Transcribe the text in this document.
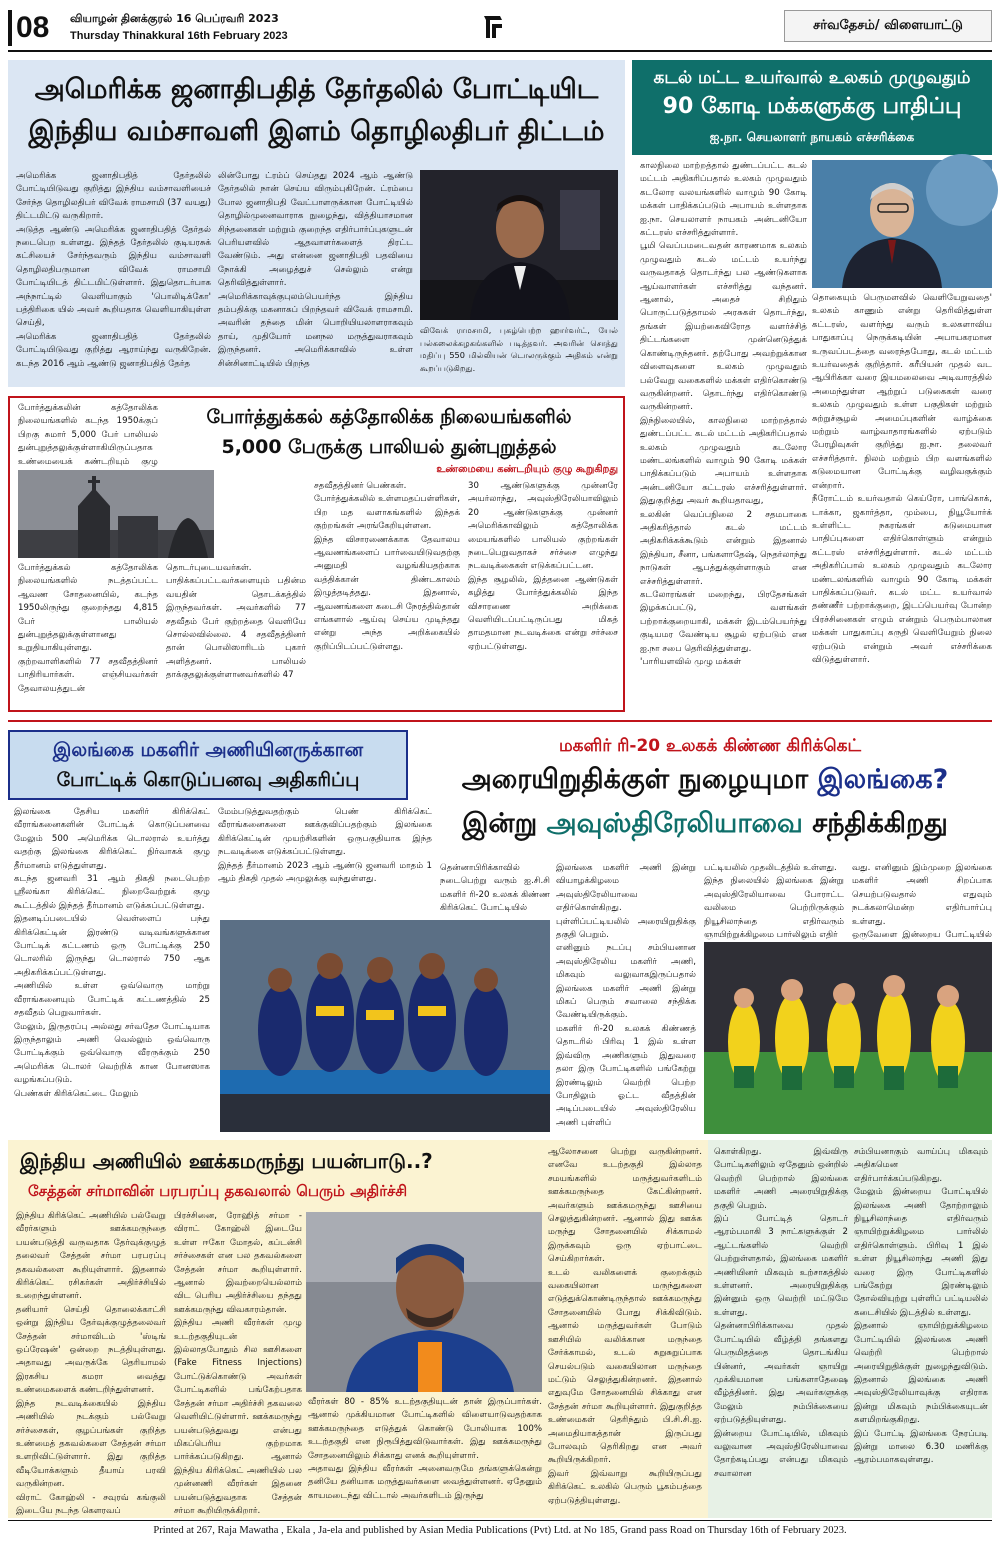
08 வியாழன் தினக்குரல் 16 பெப்ரவரி 2023
Thursday Thinakkural 16th February 2023
சர்வதேசம்/ விளையாட்டு
அமெரிக்க ஜனாதிபதித் தேர்தலில் போட்டியிட
இந்திய வம்சாவளி இளம் தொழிலதிபர் திட்டம்
அமெரிக்க ஜனாதிபதித் தேர்தலில் போட்டியிடுவது குறித்து இந்திய வம்சாவளியைச் சேர்ந்த தொழிலதிபர் விவேக் ராமசாமி (37 வயது) திட்டமிட்டு வருகிறார்.
அடுத்த ஆண்டு அமெரிக்க ஜனாதிபதித் தேர்தல் நடைபெற உள்ளது. இந்தத் தேர்தலில் குடியரசுக் கட்சியைச் சேர்ந்தவரும் இந்திய வம்சாவளி தொழிலதிபருமான விவேக் ராமசாமி போட்டியிடத் திட்டமிட்டுள்ளார். இதுதொடர்பாக அந்நாட்டில் வெளியாகும் 'பொலிடிக்கோ' பத்திரிகை யில் அவர் கூறியதாக வெளியாகியுள்ள செய்தி,
அமெரிக்க ஜனாதிபதித் தேர்தலில் போட்டியிடுவது குறித்து ஆராய்ந்து வருகிறேன். கடந்த 2016 ஆம் ஆண்டு ஜனாதிபதித் தேர்த
லின்போது ட்ரம்ப் செய்தது 2024 ஆம் ஆண்டு தேர்தலில் நான் செய்ய விரும்புகிறேன். ட்ரம்பை போல ஜனாதிபதி வேட்பாளருக்கான போட்டியில் தொழில்முனைவாராக நுழைந்து, வித்தியாசமான சிந்தனைகள் மற்றும் குறைந்த எதிர்பார்ப்புகளுடன் பெரியளவில் ஆதவாளர்களைத் திரட்ட வேண்டும். அது என்னை ஜனாதிபதி பதவியை நோக்கி அழைத்துச் செல்லும் என்று தெரிவித்துள்ளார்.
அமெரிக்காவுக்குபுலம்பெயர்ந்த இந்திய தம்பதிக்கு மகனாகப் பிறந்தவர் விவேக் ராமசாமி. அவரின் தந்தை மின் பொறியியலாளராகவும் தாய், முதியோர் மனநல மருத்துவராகவும் இருந்தனர். அமெரிக்காவில் உள்ள சின்சினாட்டியில் பிறந்த
விவேக் ராமசாமி, புகழ்பெற்ற ஹார்வர்ட், யேல் பல்கலைக்கழகங்களில் படித்தவர். அவரின் சொத்து மதிப்பு 550 மில்லியன் டொலருக்கும் அதிகம் என்று கூறப்படுகிறது.
கடல் மட்ட உயர்வால் உலகம் முழுவதும்
90 கோடி மக்களுக்கு பாதிப்பு
ஐ.நா. செயலாளர் நாயகம் எச்சரிக்கை
காலநிலை மாற்றத்தால் துண்டப்பட்ட கடல் மட்டம் அதிகரிப்பதால் உலகம் முழுவதும் கடலோர வலயங்களில் வாழும் 90 கோடி மக்கள் பாதிக்கப்படும் அபாயம் உள்ளதாக ஐ.நா. செயலாளர் நாயகம் அன்டனியோ கட்டரஸ் எச்சரித்துள்ளார்.
பூமி வெப்பமடைவதன் காரணமாக உலகம் முழுவதும் கடல் மட்டம் உயர்ந்து வருவதாகத் தொடர்ந்து பல ஆண்டுகளாக ஆய்வாளர்கள் எச்சரித்து வந்தனர். ஆனால், அதைச் சிறிதும் பொருட்படுத்தாமல் அரசுகள் தொடர்ந்து, தங்கள் இயற்கைவிரோத வளர்ச்சித் திட்டங்களை முன்னெடுத்துக் கொண்டிருந்தனர். தற்போது அவற்றுக்கான விளைவுகளை உலகம் முழுவதும் பல்வேறு வகைகளில் மக்கள் எதிர்கொண்டு வருகின்றனர். தொடர்ந்து எதிர்கொண்டு வருகின்றனர்.
இந்நிலையில், காலநிலை மாற்றத்தால் துண்டப்பட்ட கடல் மட்டம் அதிகரிப்பதால் உலகம் முழுவதும் கடலோர மண்டலங்களில் வாழும் 90 கோடி மக்கள் பாதிக்கப்படும் அபாயம் உள்ளதாக அன்டனியோ கட்டரஸ் எச்சரித்துள்ளார். இதுகுறித்து அவர் கூறியதாவது,
உலகின் வெப்பநிலை 2 சதமபாகை அதிகரித்தால் கடல் மட்டம் அதிகரிக்கக்கூடும் என்றும் இதனால் இந்தியா, சீனா, பங்களாதேஷ், நெதர்லாந்து நாடுகள் ஆபத்துக்குள்ளாகும் என எச்சரித்துள்ளார்.
கடலோரங்கள் மறைந்து, பிரதேசங்கள் இழக்கப்பட்டு, வளங்கள் பற்றாக்குறையாகி, மக்கள் இடம்பெயர்ந்து குடியமர வேண்டிய சூழல் ஏற்படும் என ஐ.நா சபை தெரிவித்துள்ளது.
'பாரியளவில் முழு மக்கள்
தொகையும் பெருமளவில் வெளியேறுவதை' உலகம் காணும் என்று தெரிவித்துள்ள கட்டரஸ், வளர்ந்து வரும் உலகளாவிய பாதுகாப்பு நெருக்கடியின் அபாயகரமான உருவப்படத்தை வரைந்தபோது, கடல் மட்டம் உயர்வதைக் குறித்தார். கரீபியன் முதல் வட ஆபிரிக்கா வரை இயமலைவை அடிவாரத்தில் அமைந்துள்ள ஆற்றுப் படுகைகள் வரை உலகம் முழுவதும் உள்ள பகுதிகள் மற்றும் சுற்றுச்சூழல் அமைப்புகளின் வாழ்க்கை மற்றும் வாழ்வாதாரங்களில் ஏற்படும் பேரழிவுகள் குறித்து ஐ.நா. தலைவர் எச்சரித்தார். நிலம் மற்றும் பிற வளங்களில் கடுமையான போட்டிக்கு வழிவகுக்கும் என்றார்.
நீரோட்டம் உயர்வதால் கெய்ரோ, பாங்கொக், டாக்கா, ஜகார்த்தா, மும்பை, நியூயோர்க் உள்ளிட்ட நகரங்கள் கடுமையான பாதிப்புகளை எதிர்கொள்ளும் என்றும் கட்டரஸ் எச்சரித்துள்ளார். கடல் மட்டம் அதிகரிப்பால் உலகம் முழுவதும் கடலோர மண்டலங்களில் வாழும் 90 கோடி மக்கள் பாதிக்கப்படுவர். கடல் மட்ட உயர்வால் தண்ணீர் பற்றாக்குறை, இடப்பெயர்வு போன்ற பிரச்சினைகள் எழும் என்றும் பெரும்பாலான மக்கள் பாதுகாப்பு கருதி வெளியேறும் நிலை ஏற்படும் என்றும் அவர் எச்சரிக்கை விடுத்துள்ளார்.
போர்த்துக்கலின் கத்தோலிக்க நிலையங்களில் கடந்த 1950க்குப் பிறகு சுமார் 5,000 பேர் பாலியல் துன்புறுத்தலுக்குள்ளாகியிருப்பதாக உண்மையைக் கண்டறியும் குழு

போர்த்துக்கல் கத்தோலிக்க நிலையங்களில்
5,000 பேருக்கு பாலியல் துன்புறுத்தல்
உண்மையை கண்டறியும் குழு கூறுகிறது
போர்த்துக்கல் கத்தோலிக்க நிலையங்களில் நடத்தப்பட்ட ஆவண சோதனையில், கடந்த 1950லிருந்து குறைந்தது 4,815 பேர் பாலியல் துன்புறுத்தலுக்குள்ளானது உறுதியாகியுள்ளது.
குற்றவாளிகளில் 77 சதவீதத்தினர் பாதிரியார்கள். எஞ்சியவர்கள் தேவாலயத்துடன்
தொடர்புடையவர்கள்.
பாதிக்கப்பட்டவர்களையும் பதின்ம வயதின் தொடக்கத்தில் இருந்தவர்கள். அவர்களில் 77 சதவீதம் பேர் குற்றத்தை வெளியே சொல்லவில்லை. 4 சதவீதத்தினர் தான் பொலிஸாரிடம் புகார் அளித்தனர். பாலியல் தாக்குதலுக்குள்ளானவர்களில் 47
சதவீதத்தினர் பெண்கள்.
போர்த்துக்கலில் உள்ளமதப்பள்ளிகள், பிற மத வளாகங்களில் இந்தக் குற்றங்கள் அரங்கேறியுள்ளன.
இந்த விசாரணைக்காக தேவாலய ஆவணங்களைப் பார்வையிடுவதற்கு அனுமதி வழங்கியதற்காக வத்திக்கான் திண்டகாலம் இழுத்தடித்தது. இதனால், ஆவணங்களை கடைசி நேரத்தில்தான் எங்களால் ஆய்வு செய்ய முடிந்தது என்று அந்த அறிக்கையில் குறிப்பிடப்பட்டுள்ளது.
30 ஆண்டுகளுக்கு முன்னரே அயர்லாந்து, அவுஸ்திரேலியாவிலும் 20 ஆண்டுகளுக்கு முன்னர் அமெரிக்காவிலும் கத்தோலிக்க மையங்களில் பாலியல் குற்றங்கள் நடைபெறுவதாகச் சர்ச்சை எழுந்து நடவடிக்கைகள் எடுக்கப்பட்டன.
இந்த சூழலில், இத்தனை ஆண்டுகள் கழித்து போர்த்துக்கலில் இந்த விசாரணை அறிக்கை வெளியிடப்பட்டிருப்பது மிகத் தாமதமான நடவடிக்கை என்று சர்ச்சை ஏற்பட்டுள்ளது.
இலங்கை மகளிர் அணியினருக்கான
போட்டிக் கொடுப்பனவு அதிகரிப்பு
இலங்கை தேசிய மகளிர் கிரிக்கெட் வீராங்கனைகளின் போட்டிக் கொடுப்பனவை மேலும் 500 அமெரிக்க டொலரால் உயர்த்து வதற்கு இலங்கை கிரிக்கெட் நிர்வாகக் குழு தீர்மானம் எடுத்துள்ளது.
கடந்த ஜனவரி 31 ஆம் திகதி நடைபெற்ற ஸ்ரீலங்கா கிரிக்கெட் நிறைவேற்றுக் குழு கூட்டத்தில் இந்தத் தீர்மானம் எடுக்கப்பட்டுள்ளது.
இதனடிப்படையில் வெள்ளைப் பந்து கிரிக்கெட்டின் இரண்டு வடிவங்களுக்கான போட்டிக் கட்டணம் ஒரு போட்டிக்கு 250 டொலரில் இருந்து டொலரால் 750 ஆக அதிகரிக்கப்பட்டுள்ளது.
அணியில் உள்ள ஒவ்வொரு மாற்று வீராங்கனையும் போட்டிக் கட்டணத்தில் 25 சதவீதம் பெறுவார்கள்.
மேலும், இருதரப்பு அல்லது சர்வதேச போட்டியாக இருந்தாலும் அணி வெல்லும் ஒவ்வொரு போட்டிக்கும் ஒவ்வொரு வீரருக்கும் 250 அமெரிக்க டொலர் வெற்றிக் கான போனஸாக வழங்கப்படும்.
பெண்கள் கிரிக்கெட்டை மேலும்
மேம்படுத்துவதற்கும் பெண் கிரிக்கெட் வீராங்கனைகளை ஊக்குவிப்பதற்கும் இலங்கை கிரிக்கெட்டின் முயற்சிகளின் ஒருபகுதியாக இந்த நடவடிக்கை எடுக்கப்பட்டுள்ளது.
இந்தத் தீர்மானம் 2023 ஆம் ஆண்டு ஜனவரி மாதம் 1 ஆம் திகதி முதல் அமுலுக்கு வந்துள்ளது.
மகளிர் ரி-20 உலகக் கிண்ண கிரிக்கெட்
அரையிறுதிக்குள் நுழையுமா இலங்கை?
இன்று அவுஸ்திரேலியாவை சந்திக்கிறது
தென்னாபிரிக்காவில் நடைபெற்று வரும் ஐ.சி.சி மகளிர் ரி-20 உலகக் கிண்ண கிரிக்கெட் போட்டியில்
இலங்கை மகளிர் அணி இன்று வியாழக்கிழமை அவுஸ்திரேலியாவை எதிர்கொள்கிறது. புள்ளிப்பட்டியலில் அரையிறுதிக்கு தகுதி பெறும்.
எனினும் நடப்பு சம்பியனான அவுஸ்திரேலிய மகளிர் அணி, மிகவும் வலுவாகஇருப்பதால் இலங்கை மகளிர் அணி இன்று மிகப் பெரும் சவாலை சந்திக்க வேண்டியிருக்கும்.
மகளிர் ரி-20 உலகக் கிண்ணத் தொடரில் பிரிவு 1 இல் உள்ள இவ்விரு அணிகளும் இதுவரை தலா இரு போட்டிகளில் பங்கேற்று இரண்டிலும் வெற்றி பெற்ற போதிலும் ஓட்ட வீதத்தின் அடிப்படையில் அவுஸ்திரேலிய அணி புள்ளிப்
பட்டியலில் முதலிடத்தில் உள்ளது.
இந்த நிலையில் இலங்கை இன்று அவுஸ்திரேலியாவை போராட்ட வலிமை பெற்றிருக்கும் நியூசிலாந்தை எதிர்வரும் ஞாயிற்றுக்கிழமை பார்லிலும் எதிர்
வது. எனினும் இம்முறை இலங்கை மகளிர் அணி சிறப்பாக செயற்படுவதால் எதுவும் நடக்கலாமென்ற எதிர்பார்ப்பு உள்ளது.
ஒருவேளை இன்றைய போட்டியில்
இந்திய அணியில் ஊக்கமருந்து பயன்பாடு..?
சேத்தன் சர்மாவின் பரபரப்பு தகவலால் பெரும் அதிர்ச்சி
இந்திய கிரிக்கெட் அணியில் பல்வேறு வீரர்களும் ஊக்கமருந்தை பயன்படுத்தி வருவதாக தேர்வுக்குழுத் தலைவர் சேத்தன் சர்மா பரபரப்பு தகவல்களை கூறியுள்ளார். இதனால் கிரிக்கெட் ரசிகர்கள் அதிர்ச்சியில் உறைந்துள்ளனர்.
தனியார் செய்தி தொலைக்காட்சி ஒன்று இந்திய தேர்வுக்குழுத்தலைவர் சேத்தன் சர்மாவிடம் 'ஸ்டிங் ஒப்ரேஷன்' ஒன்றை நடத்தியுள்ளது. அதாவது அவருக்கே தெரியாமல் இரகசிய கமரா வைத்து உண்மைகளைக் கண்டறிந்துள்ளனர்.
இந்த நடவடிக்கையில் இந்திய அணியில் நடக்கும் பல்வேறு சர்ச்சைகள், குழப்பங்கள் குறித்த உண்மைத் தகவல்களை சேத்தன் சர்மா உளறிவிட்டுள்ளார். இது குறித்த வீடியோக்களும் தீயாய் பரவி வருகின்றன.
விராட் கோஹ்லி - சவுரவ் கங்குலி இடையே நடந்த கௌரவப்
பிரச்சினை, ரோஹித் சர்மா - விராட் கோஹ்லி இடையே உள்ள ஈகோ மோதல், கப்டன்சி சர்ச்சைகள் என பல தகவல்களை சேத்தன் சர்மா கூறியுள்ளார். ஆனால் இவற்றையெல்லாம் விட பெரிய அதிர்ச்சியை தந்தது ஊக்கமருந்து விவகாரம்தான்.
இந்திய அணி வீரர்கள் முழு உடற்தகுதியுடன் இல்லாதபோதும் சில ஊசிகளை (Fake Fitness Injections) போட்டுக்கொண்டு அவர்கள் போட்டிகளில் பங்கேற்பதாக சேத்தன் சர்மா அதிர்ச்சி தகவலை வெளியிட்டுள்ளார். ஊக்கமருந்து பயன்படுத்துவது என்பது மிகப்பெரிய குற்றமாக பார்க்கப்படுகிறது. ஆனால் இந்திய கிரிக்கெட் அணியில் பல முன்னணி வீரர்கள் இதனை பயன்படுத்துவதாக சேத்தன் சர்மா கூறியிருக்கிறார்.
வீரர்கள் 80 - 85% உடற்தகுதியுடன் தான் இருப்பார்கள். ஆனால் முக்கியமான போட்டிகளில் விளையாடுவதற்காக ஊக்கமருந்தை எடுத்துக் கொண்டு போலியாக 100% உடற்தகுதி என நிரூபித்துவிடுவார்கள். இது ஊக்கமருந்து சோதனையிலும் சிக்காது எனக் கூறியுள்ளார்.
அதாவது இந்திய வீரர்கள் அனைவருமே தங்களுக்கென்று தனியே தனியாக மருத்துவர்களை வைத்துள்ளனர். ஏதேனும் காயமடைந்து விட்டால் அவர்களிடம் இருந்து
ஆலோசனை பெற்று வருகின்றனர். எனவே உடற்தகுதி இல்லாத சமயங்களில் மருத்துவர்களிடம் ஊக்கமருந்தை கேட்கின்றனர். அவர்களும் ஊக்கமருந்து ஊசியை செலுத்துகின்றனர். ஆனால் இது ஊக்க மருந்து சோதனையில் சிக்காமல் இருக்கவும் ஒரு ஏற்பாட்டை செய்கிறார்கள்.
உடல் வலிகளைக் குறைக்கும் வகையிலான மருந்துகளை எடுத்துக்கொண்டிருந்தால் ஊக்கமருந்து சோதனையில் போது சிக்கிவிடும். ஆனால் மருத்துவர்கள் போடும் ஊசியில் வலிக்கான மருந்தை சேர்க்காமல், உடல் சுறுசுறுப்பாக செயல்படும் வகையிலான மருந்தை மட்டும் செலுத்துகின்றனர். இதனால் எதுவுமே சோதனையில் சிக்காது என சேத்தன் சர்மா கூறியுள்ளார். இதுகுறித்த உண்மைகள் தெரிந்தும் பி.சி.சி.ஐ. அமைதியாகத்தான் இருப்பது போலவும் தெரிகிறது என அவர் கூறியிருக்கிறார்.
இவர் இவ்வாறு கூறியிருப்பது கிரிக்கெட் உலகில் பெரும் பூகம்பத்தை ஏற்படுத்தியுள்ளது.
கொள்கிறது. இவ்விரு போட்டிகளிலும் ஏதேனும் ஒன்றில் வெற்றி பெற்றால் இலங்கை மகளிர் அணி அரையிறுதிக்கு தகுதி பெறும்.
இப் போட்டித் தொடர் ஆரம்பமாகி 3 நாட்களுக்குள் 2 ஆட்டங்களில் வெற்றி பெற்றுள்ளதால், இலங்கை மகளிர் அணியினர் மிகவும் உற்சாகத்தில் உள்ளனர். அரையிறுதிக்கு இன்னும் ஒரு வெற்றி மட்டுமே உள்ளது.
தென்னாபிரிக்காவை முதல் போட்டியில் வீழ்த்தி தங்களது பெருமிதத்தை தொடங்கிய பின்னர், அவர்கள் ஞாயிறு முக்கியமான பங்களாதேஷை வீழ்த்தினர். இது அவர்களுக்கு மேலும் நம்பிக்கையை ஏற்படுத்தியுள்ளது.
இன்றைய போட்டியில், மிகவும் வலுவான அவுஸ்திரேலியாவை தோற்கடிப்பது என்பது மிகவும் சவாலான
சம்பியனாகும் வாய்ப்பு மிகவும் அதிகமென எதிர்பார்க்கப்படுகிறது.
மேலும் இன்றைய போட்டியில் இலங்கை அணி தோற்றாலும் நியூசிலாந்தை எதிர்வரும் ஞாயிற்றுக்கிழமை பார்லில் எதிர்கொள்ளும். பிரிவு 1 இல் உள்ள நியூசிலாந்து அணி இது வரை இரு போட்டிகளில் பங்கேற்று இரண்டிலும் தோல்வியுற்று புள்ளிப் பட்டியலில் கடைசியில் இடத்தில் உள்ளது.
இதனால் ஞாயிற்றுக்கிழமை போட்டியில் இலங்கை அணி வெற்றி பெற்றால் அரையிறுதிக்குள் நுழைந்துவிடும். இதனால் இலங்கை அணி அவுஸ்திரேலியாவுக்கு எதிராக இன்று மிகவும் நம்பிக்கையுடன் களமிறங்குகிறது.
இப் போட்டி இலங்கை நேரப்படி இன்று மாலை 6.30 மணிக்கு ஆரம்பமாகவுள்ளது.
Printed at 267, Raja Mawatha , Ekala , Ja-ela and published by Asian Media Publications (Pvt) Ltd. at No 185, Grand pass Road on Thursday 16th of February 2023.
